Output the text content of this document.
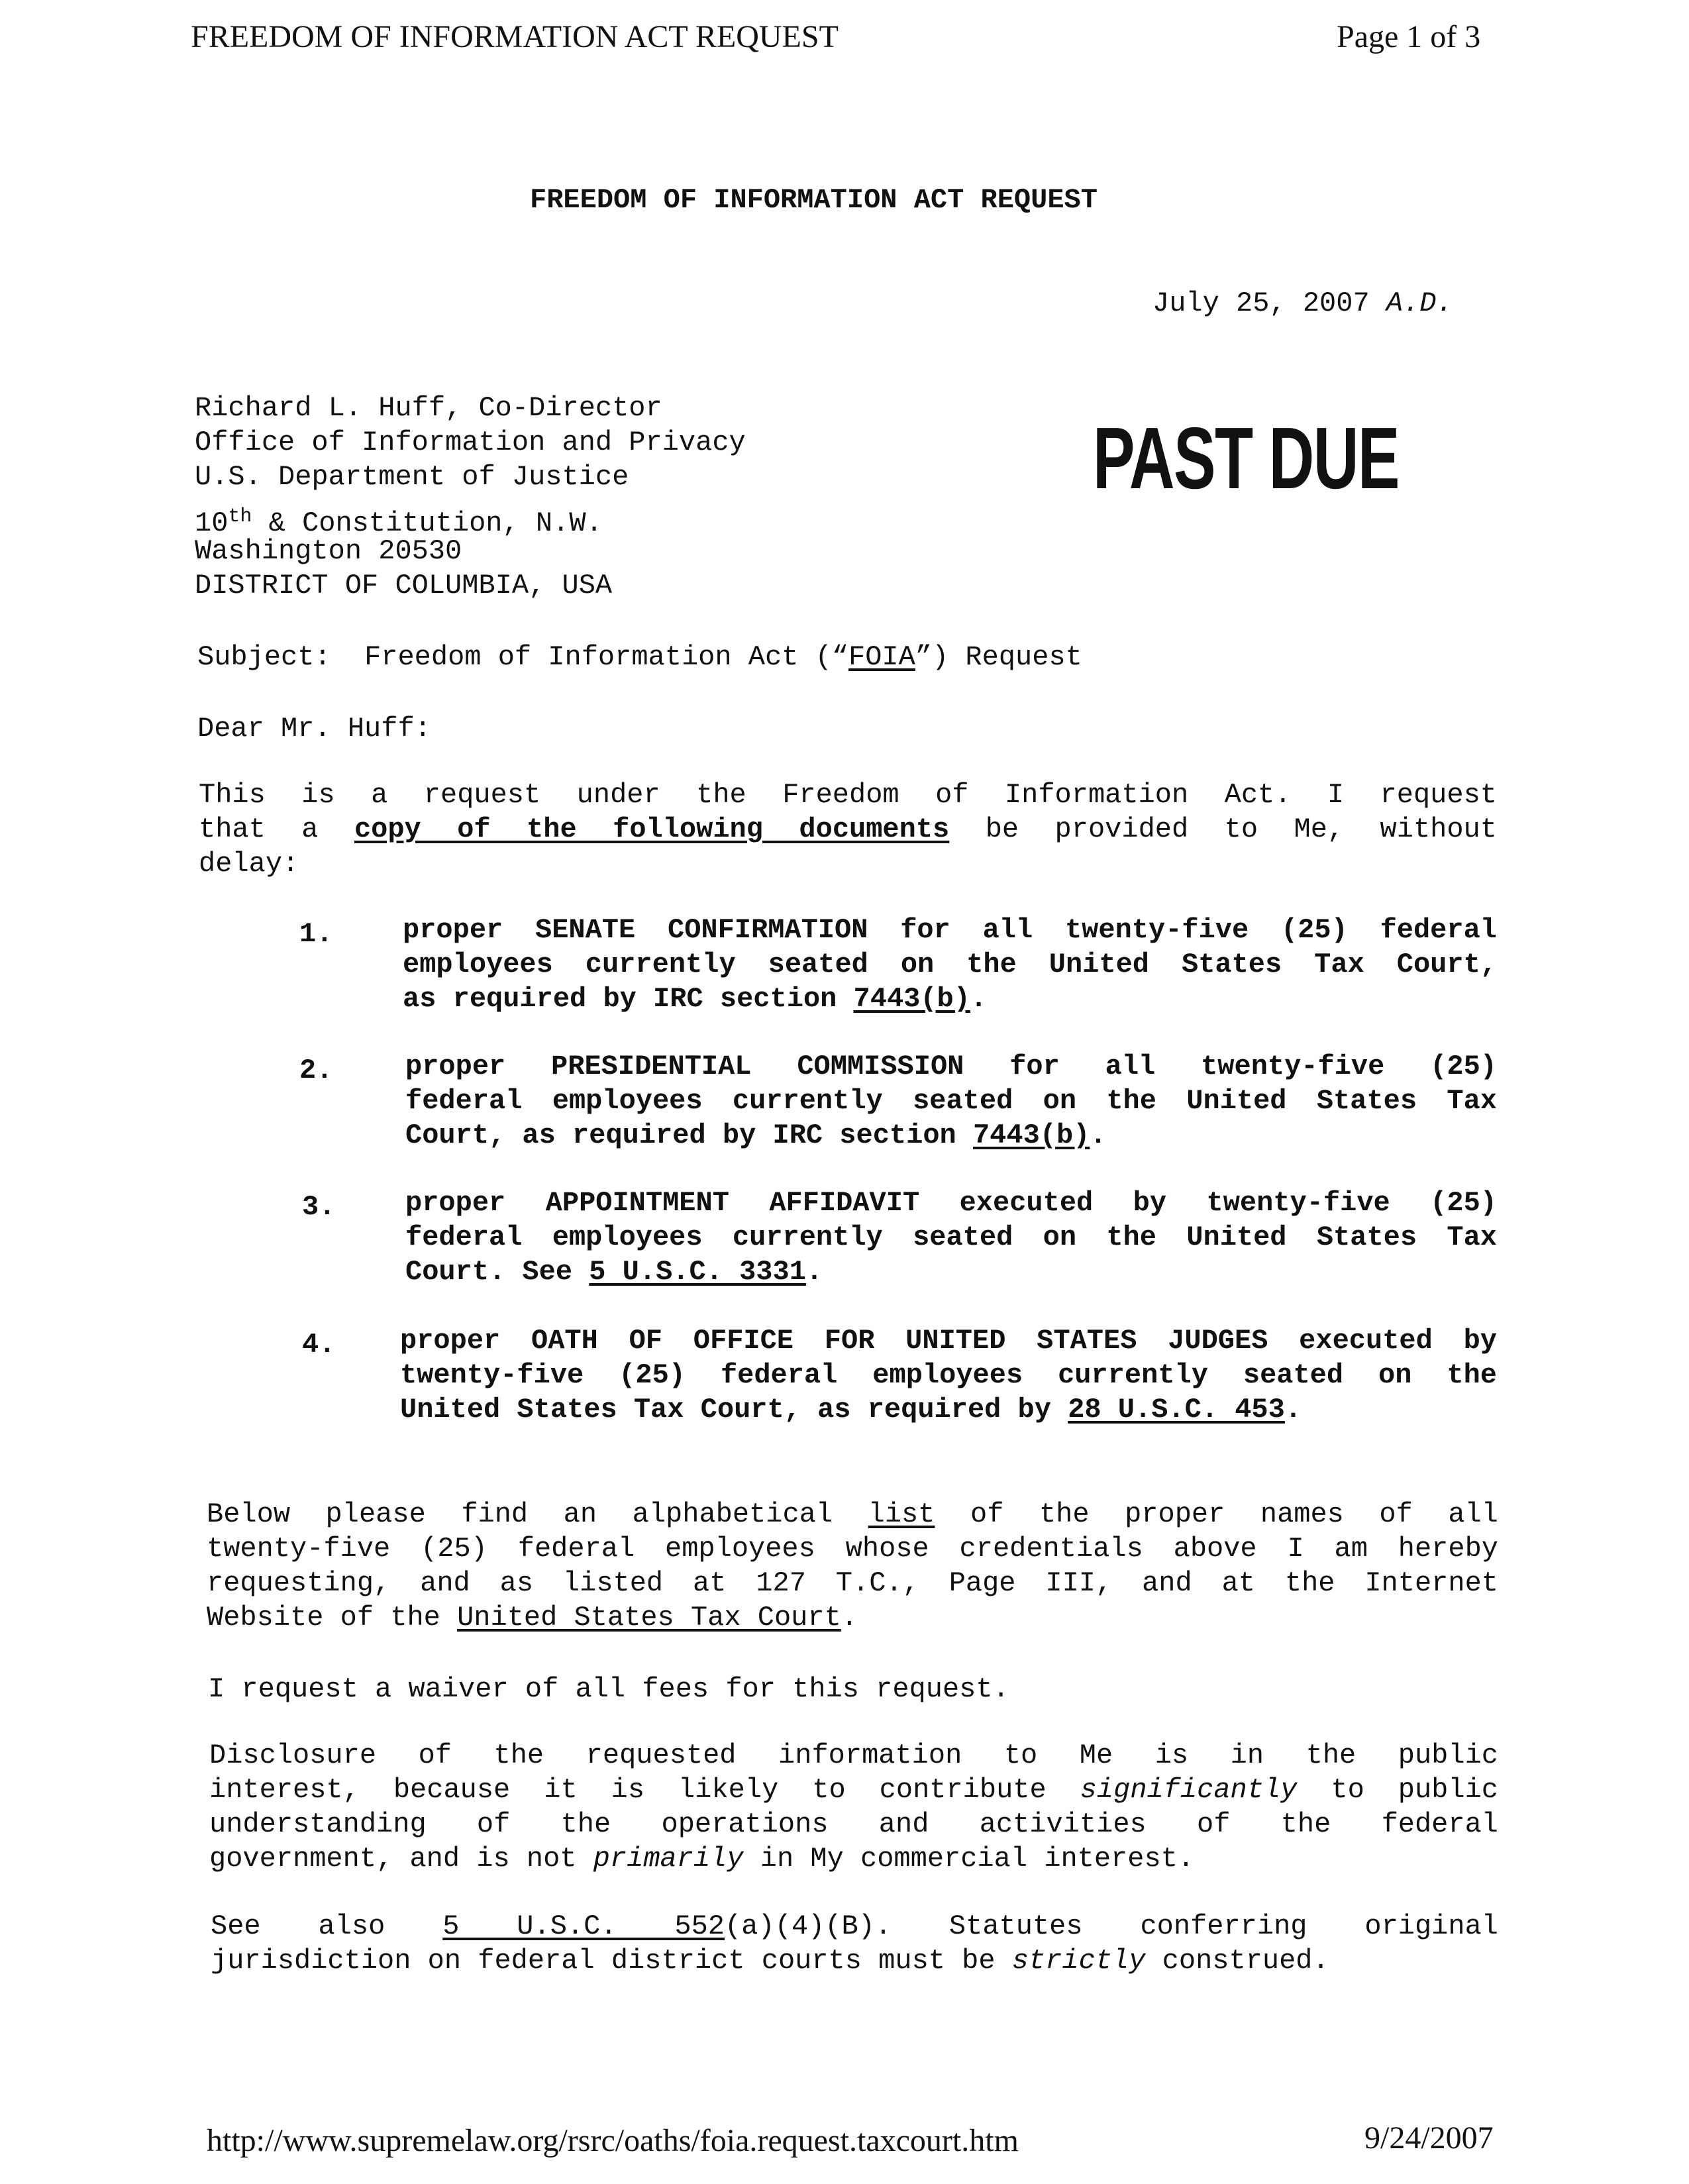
FREEDOM OF INFORMATION ACT REQUEST	Page 1 of 3
FREEDOM OF INFORMATION ACT REQUEST
July 25, 2007 A.D.
PAST DUE
Richard L. Huff, Co-Director
Office of Information and Privacy
U.S. Department of Justice
10th & Constitution, N.W.
Washington 20530
DISTRICT OF COLUMBIA, USA
Subject: Freedom of Information Act (“FOIA”) Request
Dear Mr. Huff:
This is a request under the Freedom of Information Act. I request
that a copy of the following documents be provided to Me, without
delay:
1.	proper SENATE CONFIRMATION for all twenty-five (25) federal
employees currently seated on the United States Tax Court,
as required by IRC section 7443(b).
2.	proper PRESIDENTIAL COMMISSION for all twenty-five (25)
federal employees currently seated on the United States Tax
Court, as required by IRC section 7443(b).
3.	proper APPOINTMENT AFFIDAVIT executed by twenty-five (25)
federal employees currently seated on the United States Tax
Court. See 5 U.S.C. 3331.
4. proper OATH OF OFFICE FOR UNITED STATES JUDGES executed by
twenty-five (25) federal employees currently seated on the
United States Tax Court, as required by 28 U.S.C. 453.
Below please find an alphabetical list of the proper names of all
twenty-five (25) federal employees whose credentials above I am hereby
requesting, and as listed at 127 T.C., Page III, and at the Internet
Website of the United States Tax Court.
I request a waiver of all fees for this request.
Disclosure of the requested information to Me is in the public
interest, because it is likely to contribute significantly to public
understanding of the operations and activities of the federal
government, and is not primarily in My commercial interest.
See also 5 U.S.C. 552(a)(4)(B). Statutes conferring original
jurisdiction on federal district courts must be strictly construed.
http://www.supremelaw.org/rsrc/oaths/foia.request.taxcourt.htm	9/24/2007
